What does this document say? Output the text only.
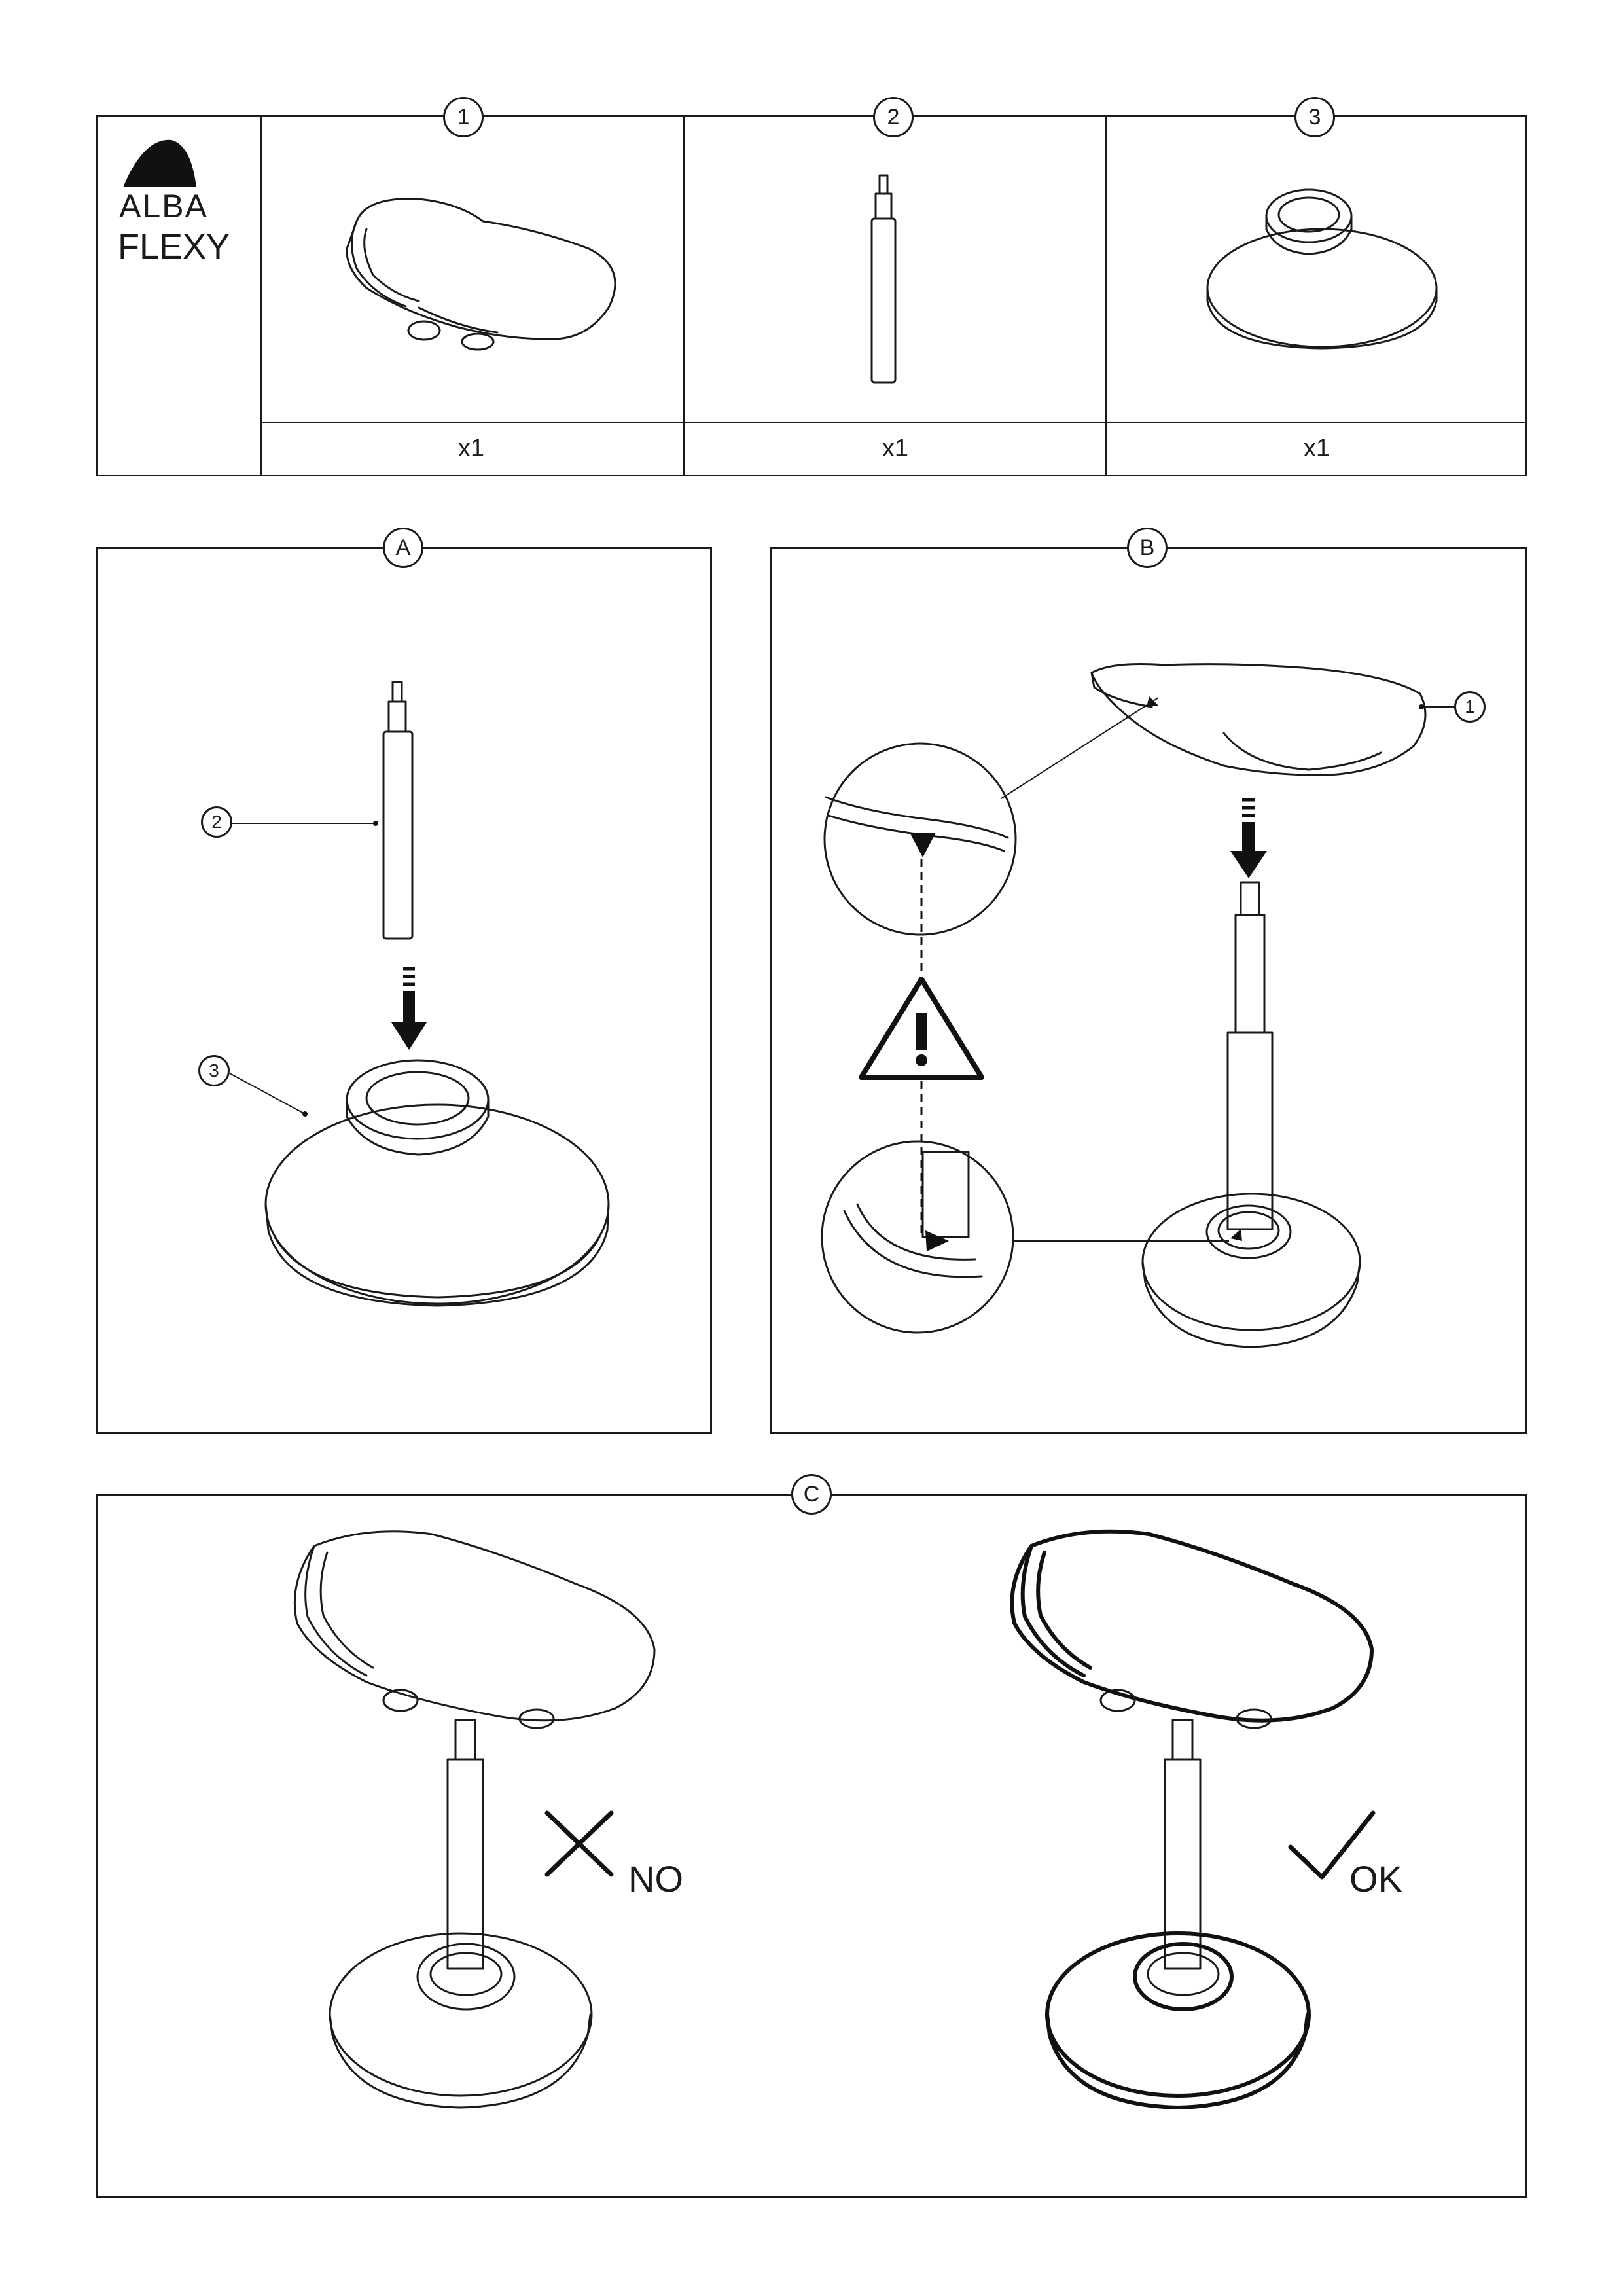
ALBA
FLEXY
1	2	3
x1	x1	x1
A
2
3
B
1
C
NO	OK
